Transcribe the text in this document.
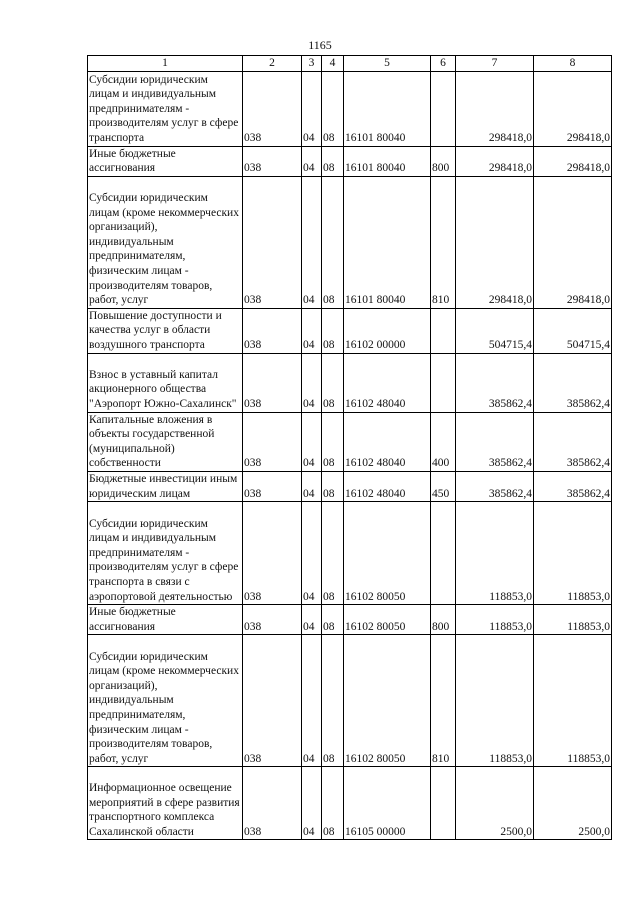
1165
1	2	3	4	5	6	7	8
Субсидии юридическим лицам и индивидуальным предпринимателям - производителям услуг в сфере транспорта	038	04	08	16101 80040		298418,0	298418,0
Иные бюджетные ассигнования	038	04	08	16101 80040	800	298418,0	298418,0
Субсидии юридическим лицам (кроме некоммерческих организаций), индивидуальным предпринимателям, физическим лицам - производителям товаров, работ, услуг	038	04	08	16101 80040	810	298418,0	298418,0
Повышение доступности и качества услуг в области воздушного транспорта	038	04	08	16102 00000		504715,4	504715,4
Взнос в уставный капитал акционерного общества "Аэропорт Южно-Сахалинск"	038	04	08	16102 48040		385862,4	385862,4
Капитальные вложения в объекты государственной (муниципальной) собственности	038	04	08	16102 48040	400	385862,4	385862,4
Бюджетные инвестиции иным юридическим лицам	038	04	08	16102 48040	450	385862,4	385862,4
Субсидии юридическим лицам и индивидуальным предпринимателям - производителям услуг в сфере транспорта в связи с аэропортовой деятельностью	038	04	08	16102 80050		118853,0	118853,0
Иные бюджетные ассигнования	038	04	08	16102 80050	800	118853,0	118853,0
Субсидии юридическим лицам (кроме некоммерческих организаций), индивидуальным предпринимателям, физическим лицам - производителям товаров, работ, услуг	038	04	08	16102 80050	810	118853,0	118853,0
Информационное освещение мероприятий в сфере развития транспортного комплекса Сахалинской области	038	04	08	16105 00000		2500,0	2500,0
